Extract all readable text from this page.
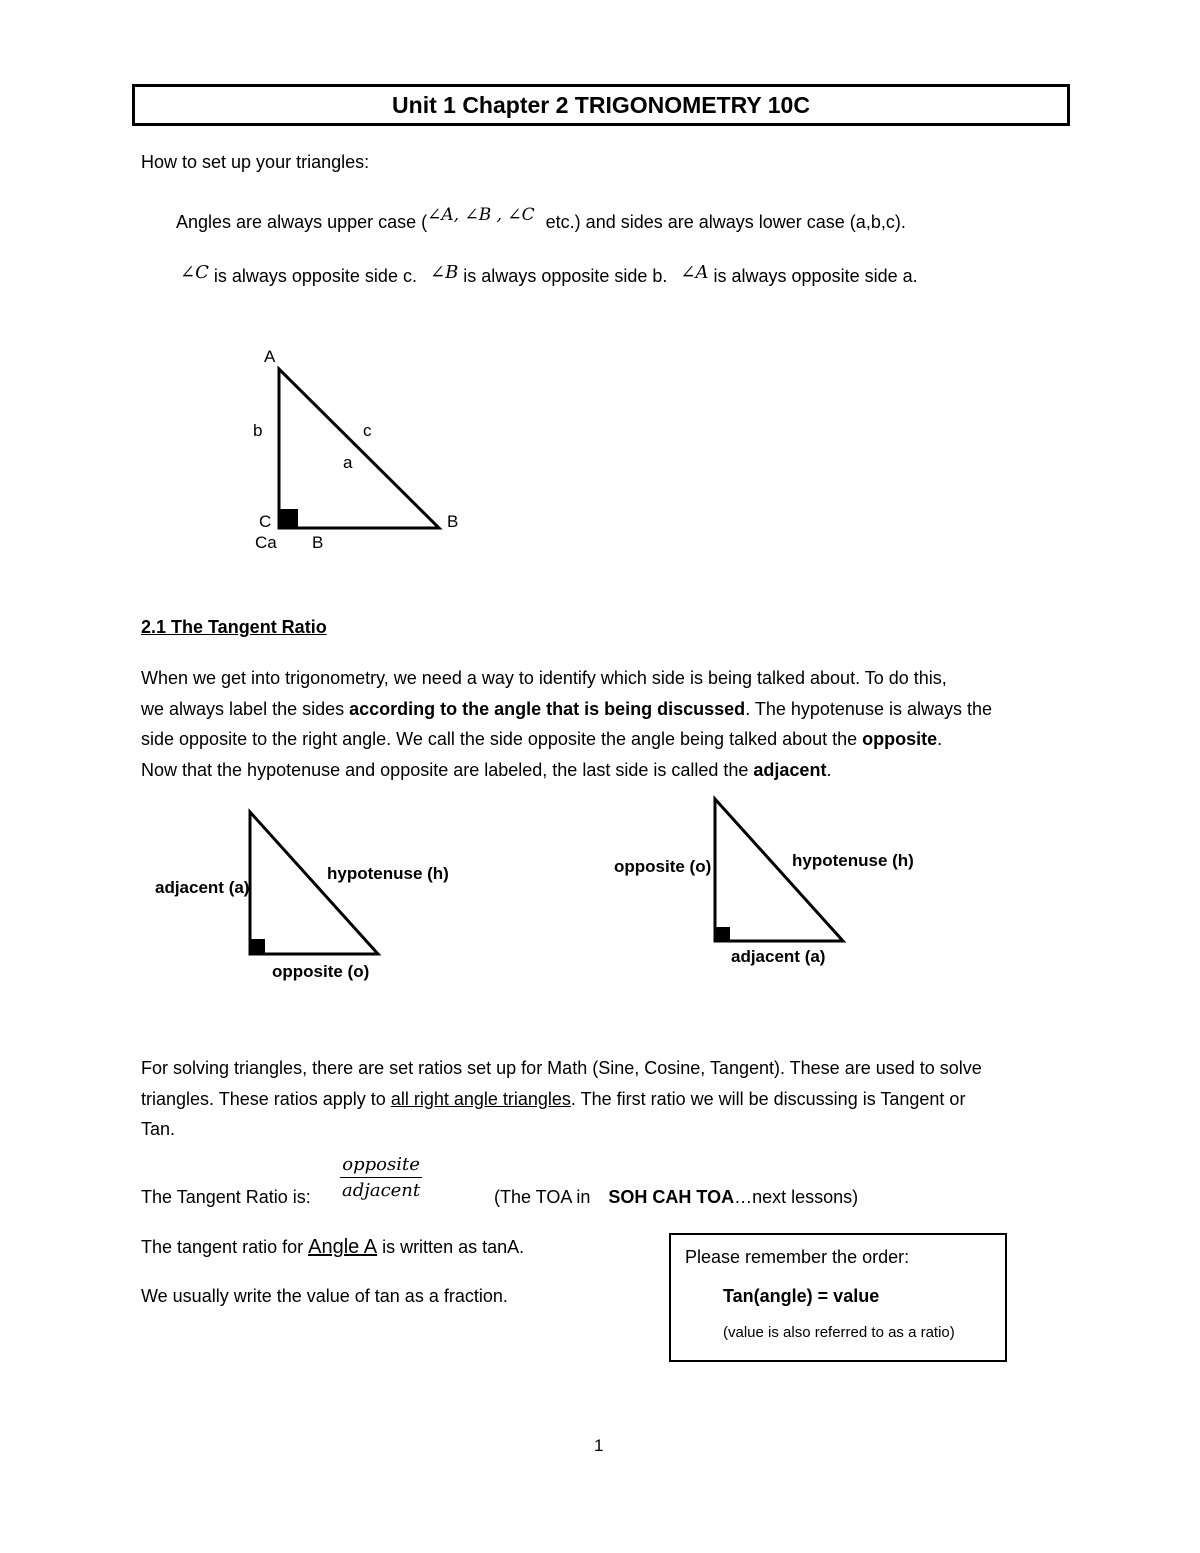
Unit 1 Chapter 2 TRIGONOMETRY 10C
How to set up your triangles:
Angles are always upper case (∠A, ∠B , ∠C etc.) and sides are always lower case (a,b,c).
∠C is always opposite side c. ∠B is always opposite side b. ∠A is always opposite side a.
A
b	c
a
C	B
Ca B
2.1 The Tangent Ratio
When we get into trigonometry, we need a way to identify which side is being talked about. To do this,
we always label the sides according to the angle that is being discussed. The hypotenuse is always the
side opposite to the right angle. We call the side opposite the angle being talked about the opposite.
Now that the hypotenuse and opposite are labeled, the last side is called the adjacent.
adjacent (a)
hypotenuse (h)
opposite (o)
opposite (o)	hypotenuse (h)
adjacent (a)
For solving triangles, there are set ratios set up for Math (Sine, Cosine, Tangent). These are used to solve
triangles. These ratios apply to all right angle triangles. The first ratio we will be discussing is Tangent or
Tan.
The Tangent Ratio is:
opposite
adjacent	(The TOA in SOH CAH TOA…next lessons)
The tangent ratio for Angle A is written as tanA.
We usually write the value of tan as a fraction.
Please remember the order:
Tan(angle) = value
(value is also referred to as a ratio)
1
